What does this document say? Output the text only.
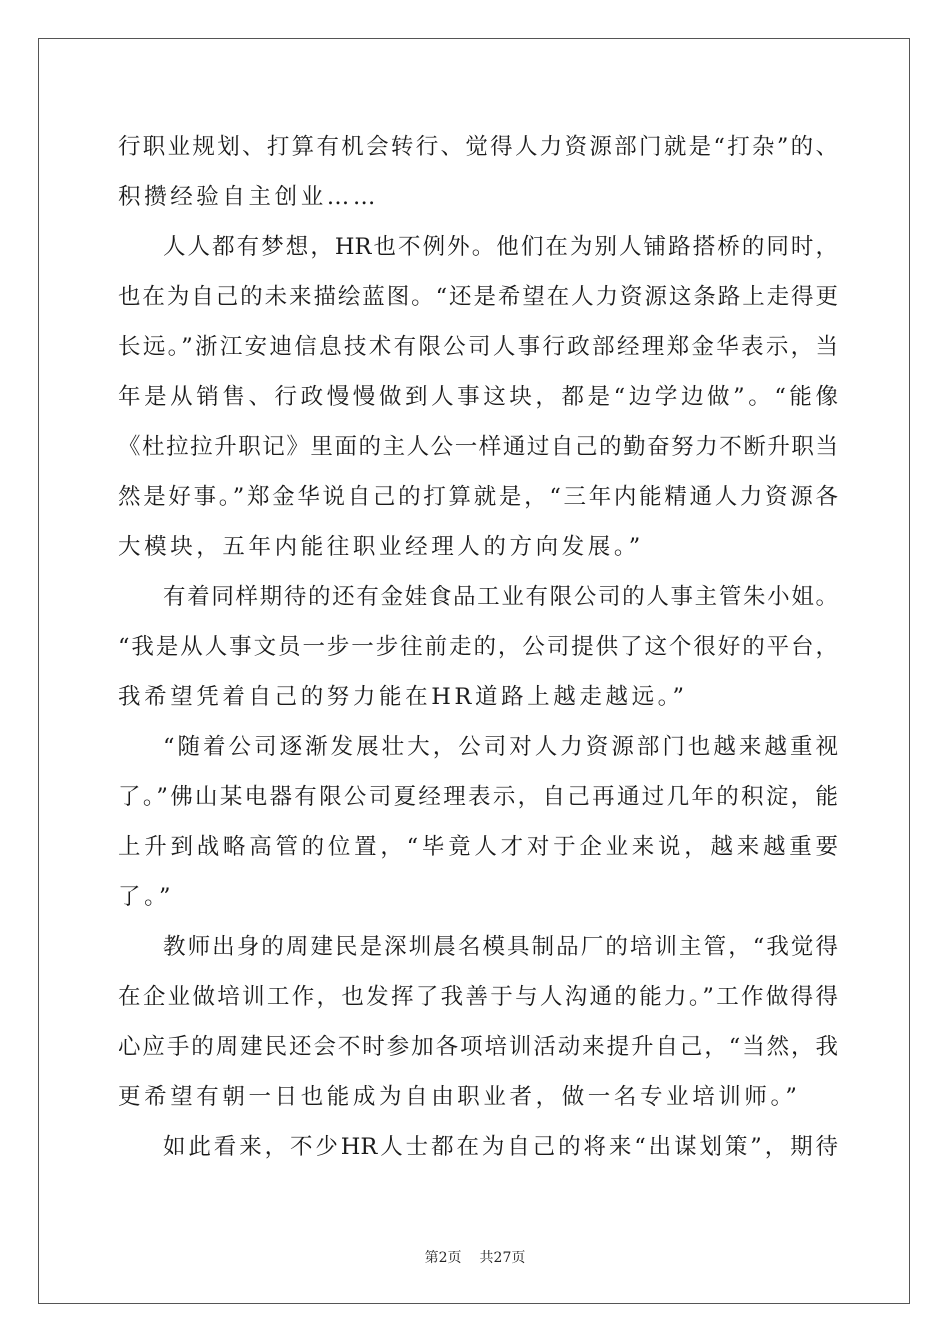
行职业规划、打算有机会转行、觉得人力资源部门就是“打杂”的、
积攒经验自主创业……
人人都有梦想，HR也不例外。他们在为别人铺路搭桥的同时，
也在为自己的未来描绘蓝图。“还是希望在人力资源这条路上走得更
长远。”浙江安迪信息技术有限公司人事行政部经理郑金华表示，当
年是从销售、行政慢慢做到人事这块，都是“边学边做”。“能像
《杜拉拉升职记》里面的主人公一样通过自己的勤奋努力不断升职当
然是好事。”郑金华说自己的打算就是，“三年内能精通人力资源各
大模块，五年内能往职业经理人的方向发展。”
有着同样期待的还有金娃食品工业有限公司的人事主管朱小姐。
“我是从人事文员一步一步往前走的，公司提供了这个很好的平台，
我希望凭着自己的努力能在HR道路上越走越远。”
“随着公司逐渐发展壮大，公司对人力资源部门也越来越重视
了。”佛山某电器有限公司夏经理表示，自己再通过几年的积淀，能
上升到战略高管的位置，“毕竟人才对于企业来说，越来越重要
了。”
教师出身的周建民是深圳晨名模具制品厂的培训主管，“我觉得
在企业做培训工作，也发挥了我善于与人沟通的能力。”工作做得得
心应手的周建民还会不时参加各项培训活动来提升自己，“当然，我
更希望有朝一日也能成为自由职业者，做一名专业培训师。”
如此看来，不少HR人士都在为自己的将来“出谋划策”，期待
第2页 共27页
